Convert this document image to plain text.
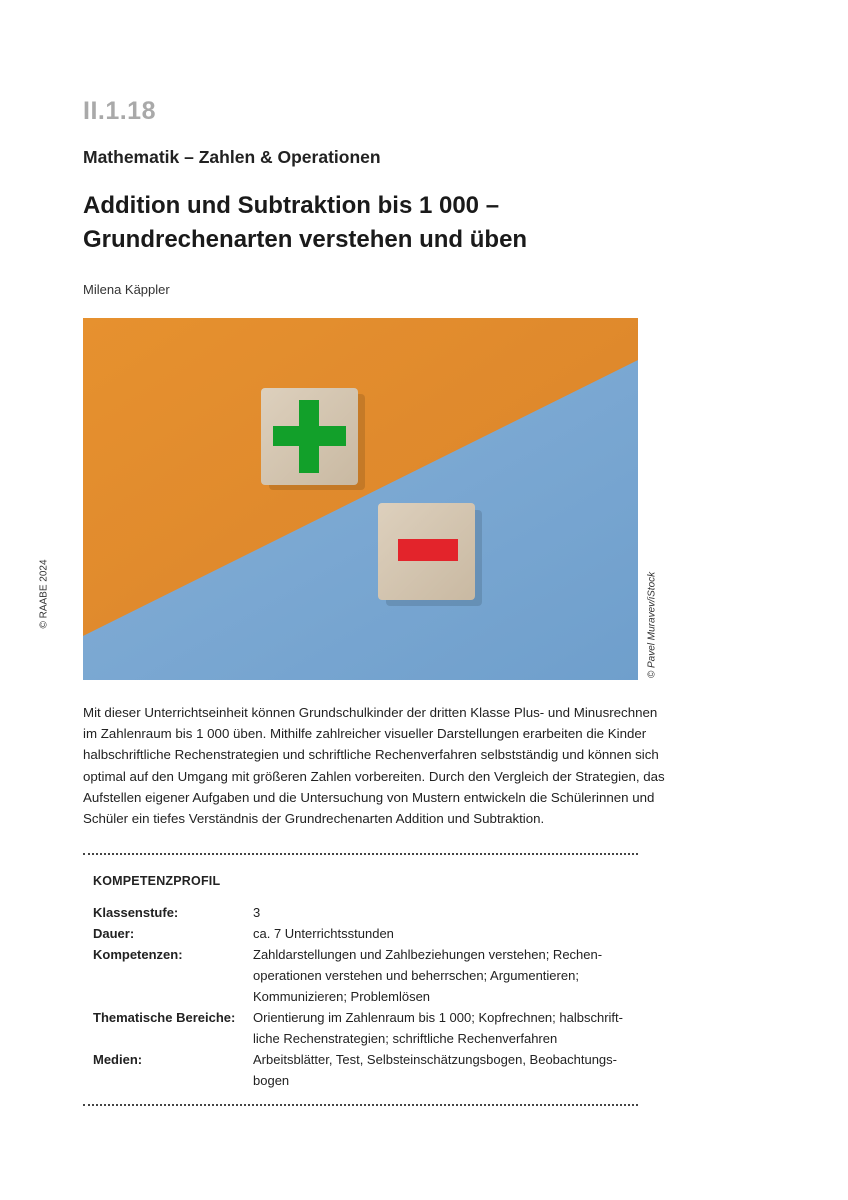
II.1.18
Mathematik – Zahlen & Operationen
Addition und Subtraktion bis 1 000 –
Grundrechenarten verstehen und üben
Milena Käppler
© RAABE 2024	© Pavel Muravev/iStock
Mit dieser Unterrichtseinheit können Grundschulkinder der dritten Klasse Plus- und Minusrechnen
im Zahlenraum bis 1 000 üben. Mithilfe zahlreicher visueller Darstellungen erarbeiten die Kinder
halbschriftliche Rechenstrategien und schriftliche Rechenverfahren selbstständig und können sich
optimal auf den Umgang mit größeren Zahlen vorbereiten. Durch den Vergleich der Strategien, das
Aufstellen eigener Aufgaben und die Untersuchung von Mustern entwickeln die Schülerinnen und
Schüler ein tiefes Verständnis der Grundrechenarten Addition und Subtraktion.
KOMPETENZPROFIL
Klassenstufe:	3
Dauer:	ca. 7 Unterrichtsstunden
Kompetenzen:	Zahldarstellungen und Zahlbeziehungen verstehen; Rechen-
operationen verstehen und beherrschen; Argumentieren;
Kommunizieren; Problemlösen
Thematische Bereiche:	Orientierung im Zahlenraum bis 1 000; Kopfrechnen; halbschrift-
liche Rechenstrategien; schriftliche Rechenverfahren
Medien:	Arbeitsblätter, Test, Selbsteinschätzungsbogen, Beobachtungs-
bogen
